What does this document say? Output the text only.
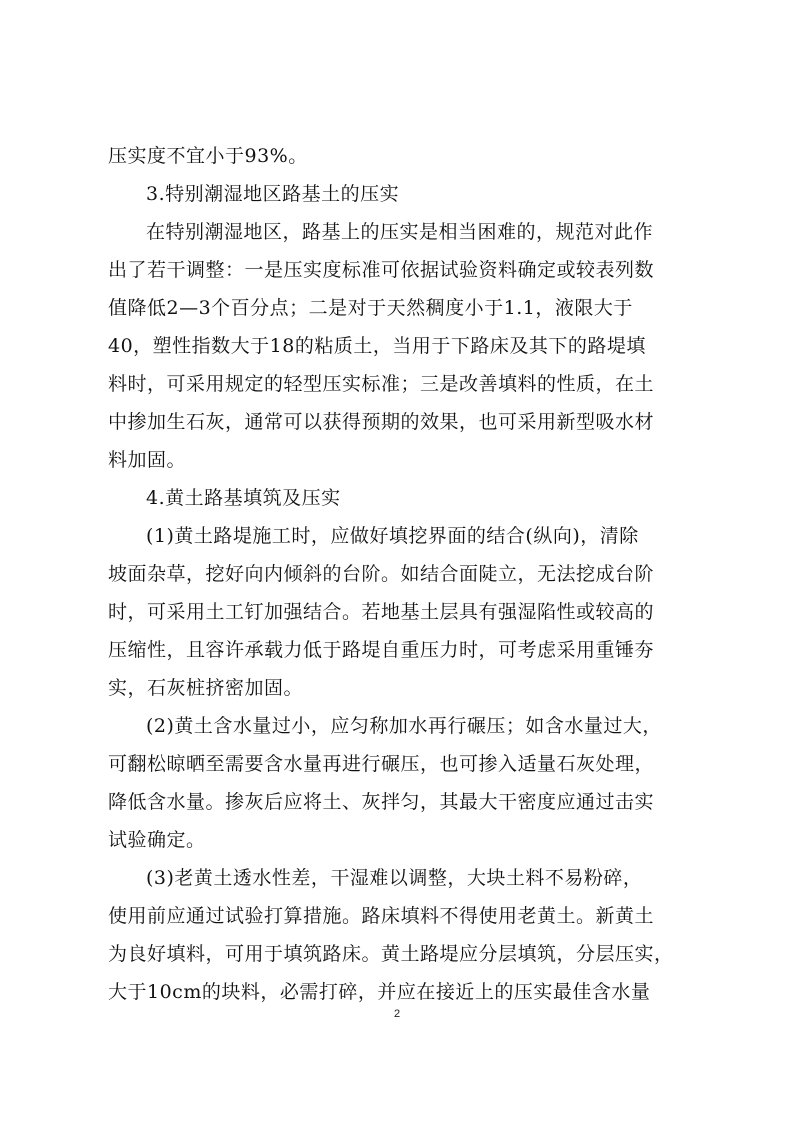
压实度不宜小于93%。
3.特别潮湿地区路基土的压实
在特别潮湿地区，路基上的压实是相当困难的，规范对此作
出了若干调整：一是压实度标准可依据试验资料确定或较表列数
值降低2—3个百分点；二是对于天然稠度小于1.1，液限大于
40，塑性指数大于18的粘质土，当用于下路床及其下的路堤填
料时，可采用规定的轻型压实标准；三是改善填料的性质，在土
中掺加生石灰，通常可以获得预期的效果，也可采用新型吸水材
料加固。
4.黄土路基填筑及压实
(1)黄土路堤施工时，应做好填挖界面的结合(纵向)，清除
坡面杂草，挖好向内倾斜的台阶。如结合面陡立，无法挖成台阶
时，可采用土工钉加强结合。若地基土层具有强湿陷性或较高的
压缩性，且容许承载力低于路堤自重压力时，可考虑采用重锤夯
实，石灰桩挤密加固。
(2)黄土含水量过小，应匀称加水再行碾压；如含水量过大，
可翻松晾晒至需要含水量再进行碾压，也可掺入适量石灰处理，
降低含水量。掺灰后应将土、灰拌匀，其最大干密度应通过击实
试验确定。
(3)老黄土透水性差，干湿难以调整，大块土料不易粉碎，
使用前应通过试验打算措施。路床填料不得使用老黄土。新黄土
为良好填料，可用于填筑路床。黄土路堤应分层填筑，分层压实，
大于10cm的块料，必需打碎，并应在接近上的压实最佳含水量
2
